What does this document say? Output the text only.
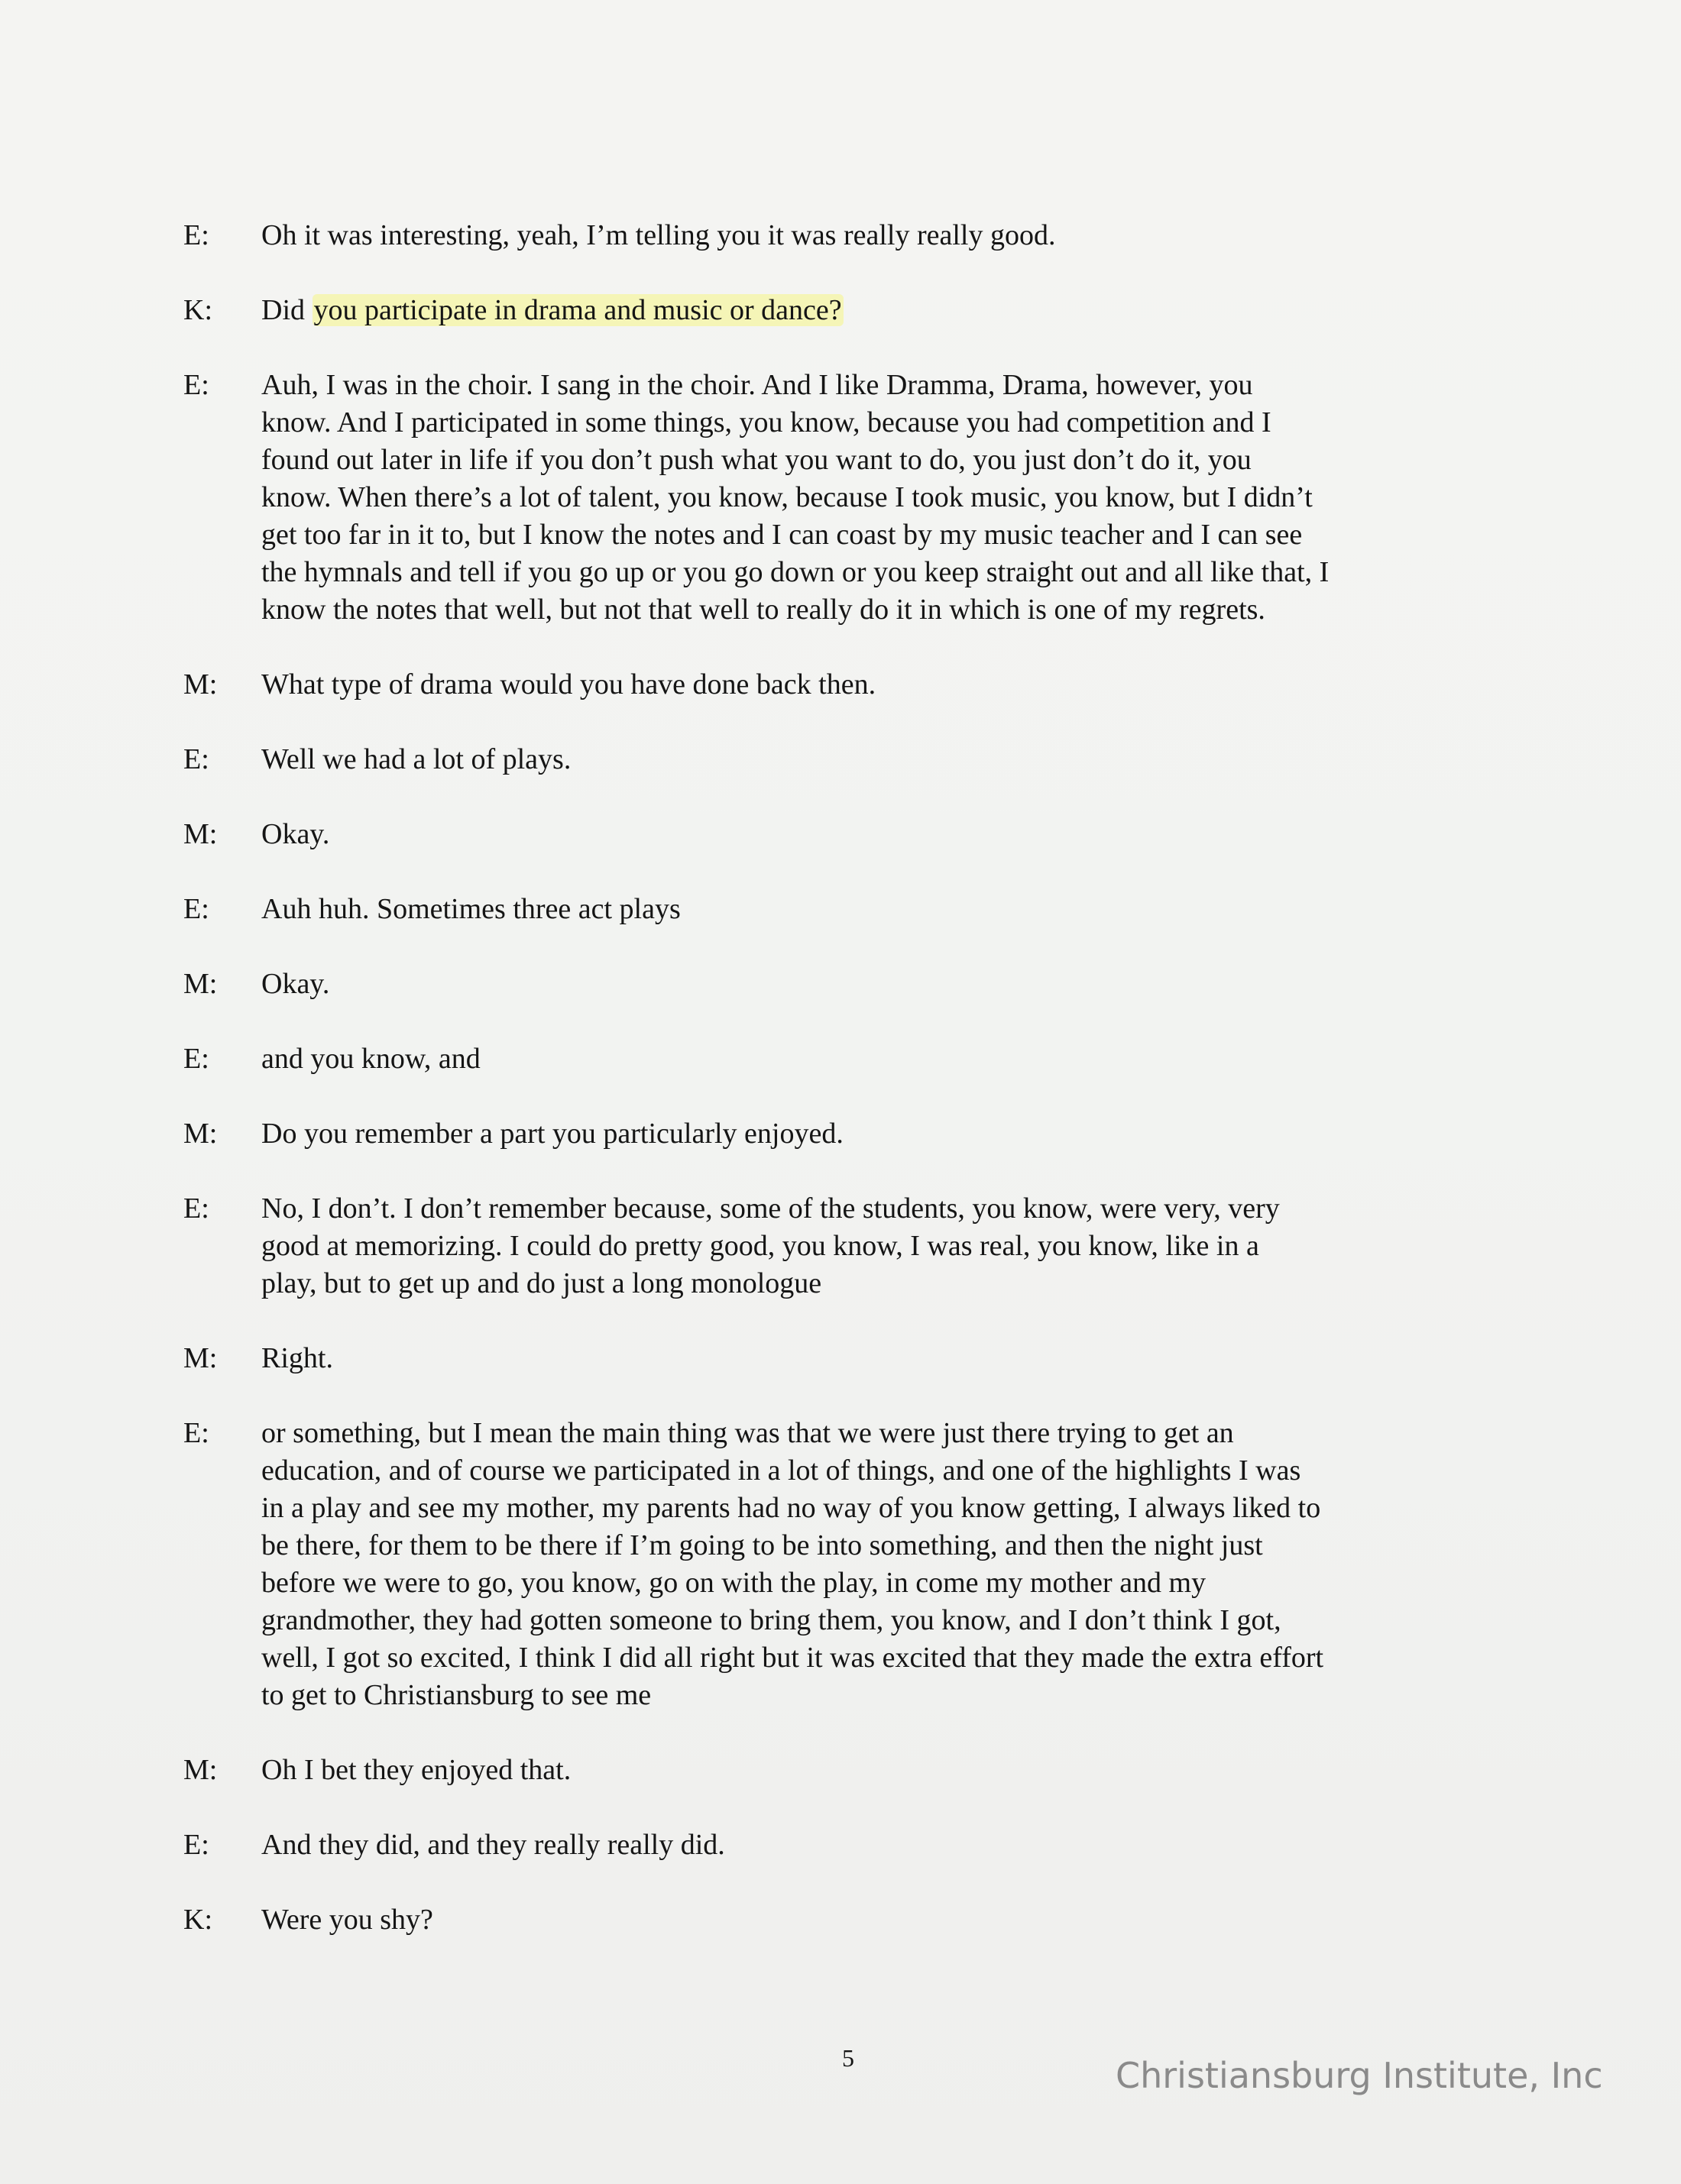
E:	Oh it was interesting, yeah, I’m telling you it was really really good.
K:	Did you participate in drama and music or dance?
E:	Auh, I was in the choir. I sang in the choir. And I like Dramma, Drama, however, you
know. And I participated in some things, you know, because you had competition and I
found out later in life if you don’t push what you want to do, you just don’t do it, you
know. When there’s a lot of talent, you know, because I took music, you know, but I didn’t
get too far in it to, but I know the notes and I can coast by my music teacher and I can see
the hymnals and tell if you go up or you go down or you keep straight out and all like that, I
know the notes that well, but not that well to really do it in which is one of my regrets.
M:	What type of drama would you have done back then.
E:	Well we had a lot of plays.
M:	Okay.
E:	Auh huh. Sometimes three act plays
M:	Okay.
E:	and you know, and
M:	Do you remember a part you particularly enjoyed.
E:	No, I don’t. I don’t remember because, some of the students, you know, were very, very
good at memorizing. I could do pretty good, you know, I was real, you know, like in a
play, but to get up and do just a long monologue
M:	Right.
E:	or something, but I mean the main thing was that we were just there trying to get an
education, and of course we participated in a lot of things, and one of the highlights I was
in a play and see my mother, my parents had no way of you know getting, I always liked to
be there, for them to be there if I’m going to be into something, and then the night just
before we were to go, you know, go on with the play, in come my mother and my
grandmother, they had gotten someone to bring them, you know, and I don’t think I got,
well, I got so excited, I think I did all right but it was excited that they made the extra effort
to get to Christiansburg to see me
M:	Oh I bet they enjoyed that.
E:	And they did, and they really really did.
K:	Were you shy?
5	Christiansburg Institute, Inc
